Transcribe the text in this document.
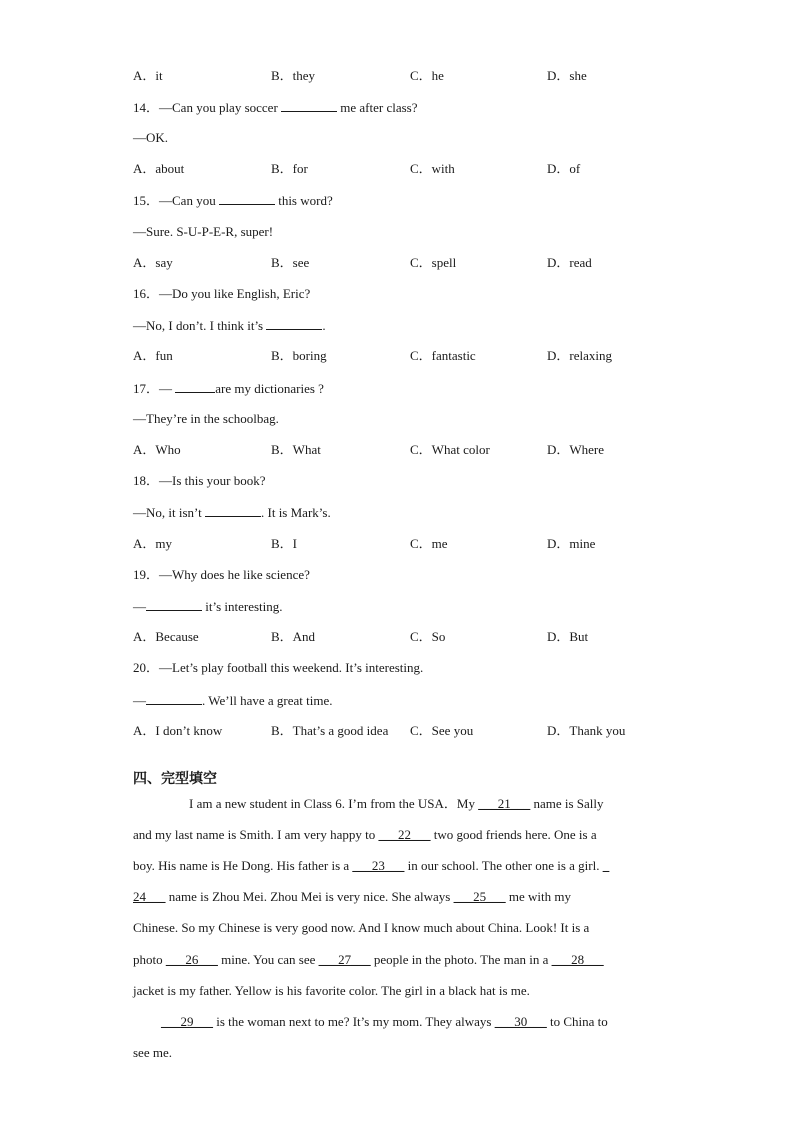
A．it	B．they	C．he	D．she
14．—Can you play soccer	me after class?
—OK.
A．about	B．for	C．with	D．of
15．—Can you	this word?
—Sure. S-U-P-E-R, super!
A．say	B．see	C．spell	D．read
16．—Do you like English, Eric?
—No, I don’t. I think it’s	.
A．fun	B．boring	C．fantastic	D．relaxing
17．—	are my dictionaries ?
—They’re in the schoolbag.
A．Who	B．What	C．What color	D．Where
18．—Is this your book?
—No, it isn’t	. It is Mark’s.
A．my	B．I	C．me	D．mine
19．—Why does he like science?
—	it’s interesting.
A．Because	B．And	C．So	D．But
20．—Let’s play football this weekend. It’s interesting.
—	. We’ll have a great time.
A．I don’t know	B．That’s a good idea C．See you	D．Thank you
四、完型填空
I am a new student in Class 6. I’m from the USA．My ___21___ name is Sally
and my last name is Smith. I am very happy to ___22___ two good friends here. One is a
boy. His name is He Dong. His father is a ___23___ in our school. The other one is a girl. _
24___ name is Zhou Mei. Zhou Mei is very nice. She always ___25___ me with my
Chinese. So my Chinese is very good now. And I know much about China. Look! It is a
photo ___26___ mine. You can see ___27___ people in the photo. The man in a ___28___
jacket is my father. Yellow is his favorite color. The girl in a black hat is me.
___29___ is the woman next to me? It’s my mom. They always ___30___ to China to
see me.
